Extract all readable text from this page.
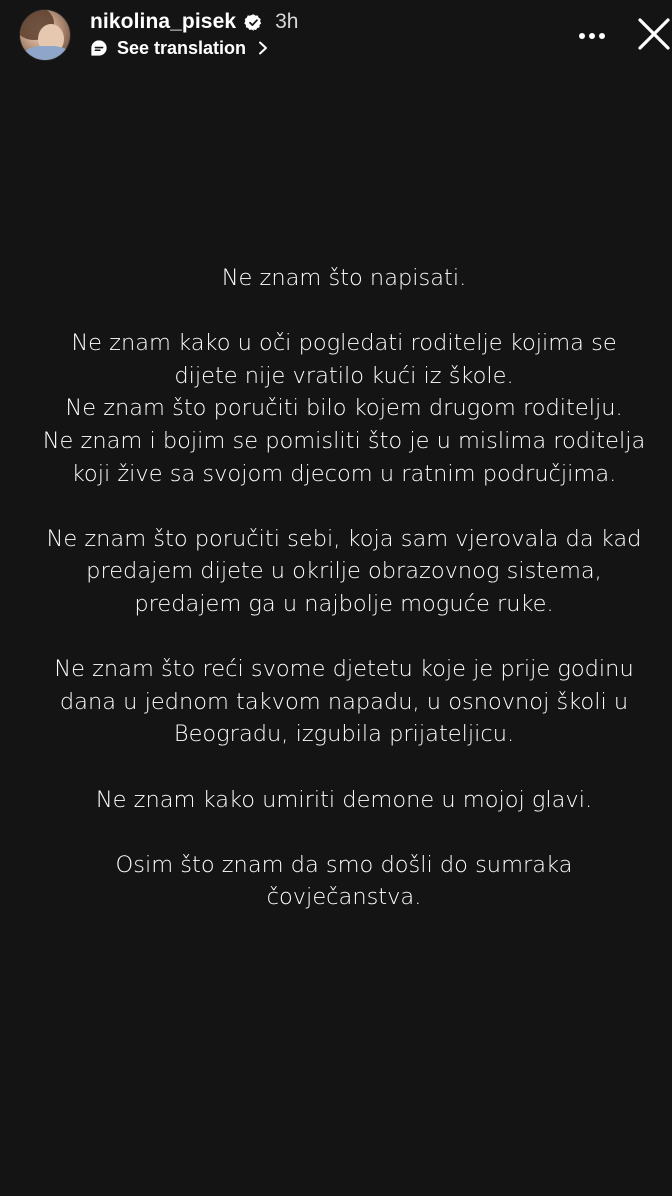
nikolina_pisek 3h
See translation

Ne znam što napisati.

Ne znam kako u oči pogledati roditelje kojima se dijete nije vratilo kući iz škole.

Ne znam što poručiti bilo kojem drugom roditelju.

Ne znam i bojim se pomisliti što je u mislima roditelja koji žive sa svojom djecom u ratnim područjima.

Ne znam što poručiti sebi, koja sam vjerovala da kad predajem dijete u okrilje obrazovnog sistema, predajem ga u najbolje moguće ruke.

Ne znam što reći svome djetetu koje je prije godinu dana u jednom takvom napadu, u osnovnoj školi u Beogradu, izgubila prijateljicu.

Ne znam kako umiriti demone u mojoj glavi.

Osim što znam da smo došli do sumraka čovječanstva.
